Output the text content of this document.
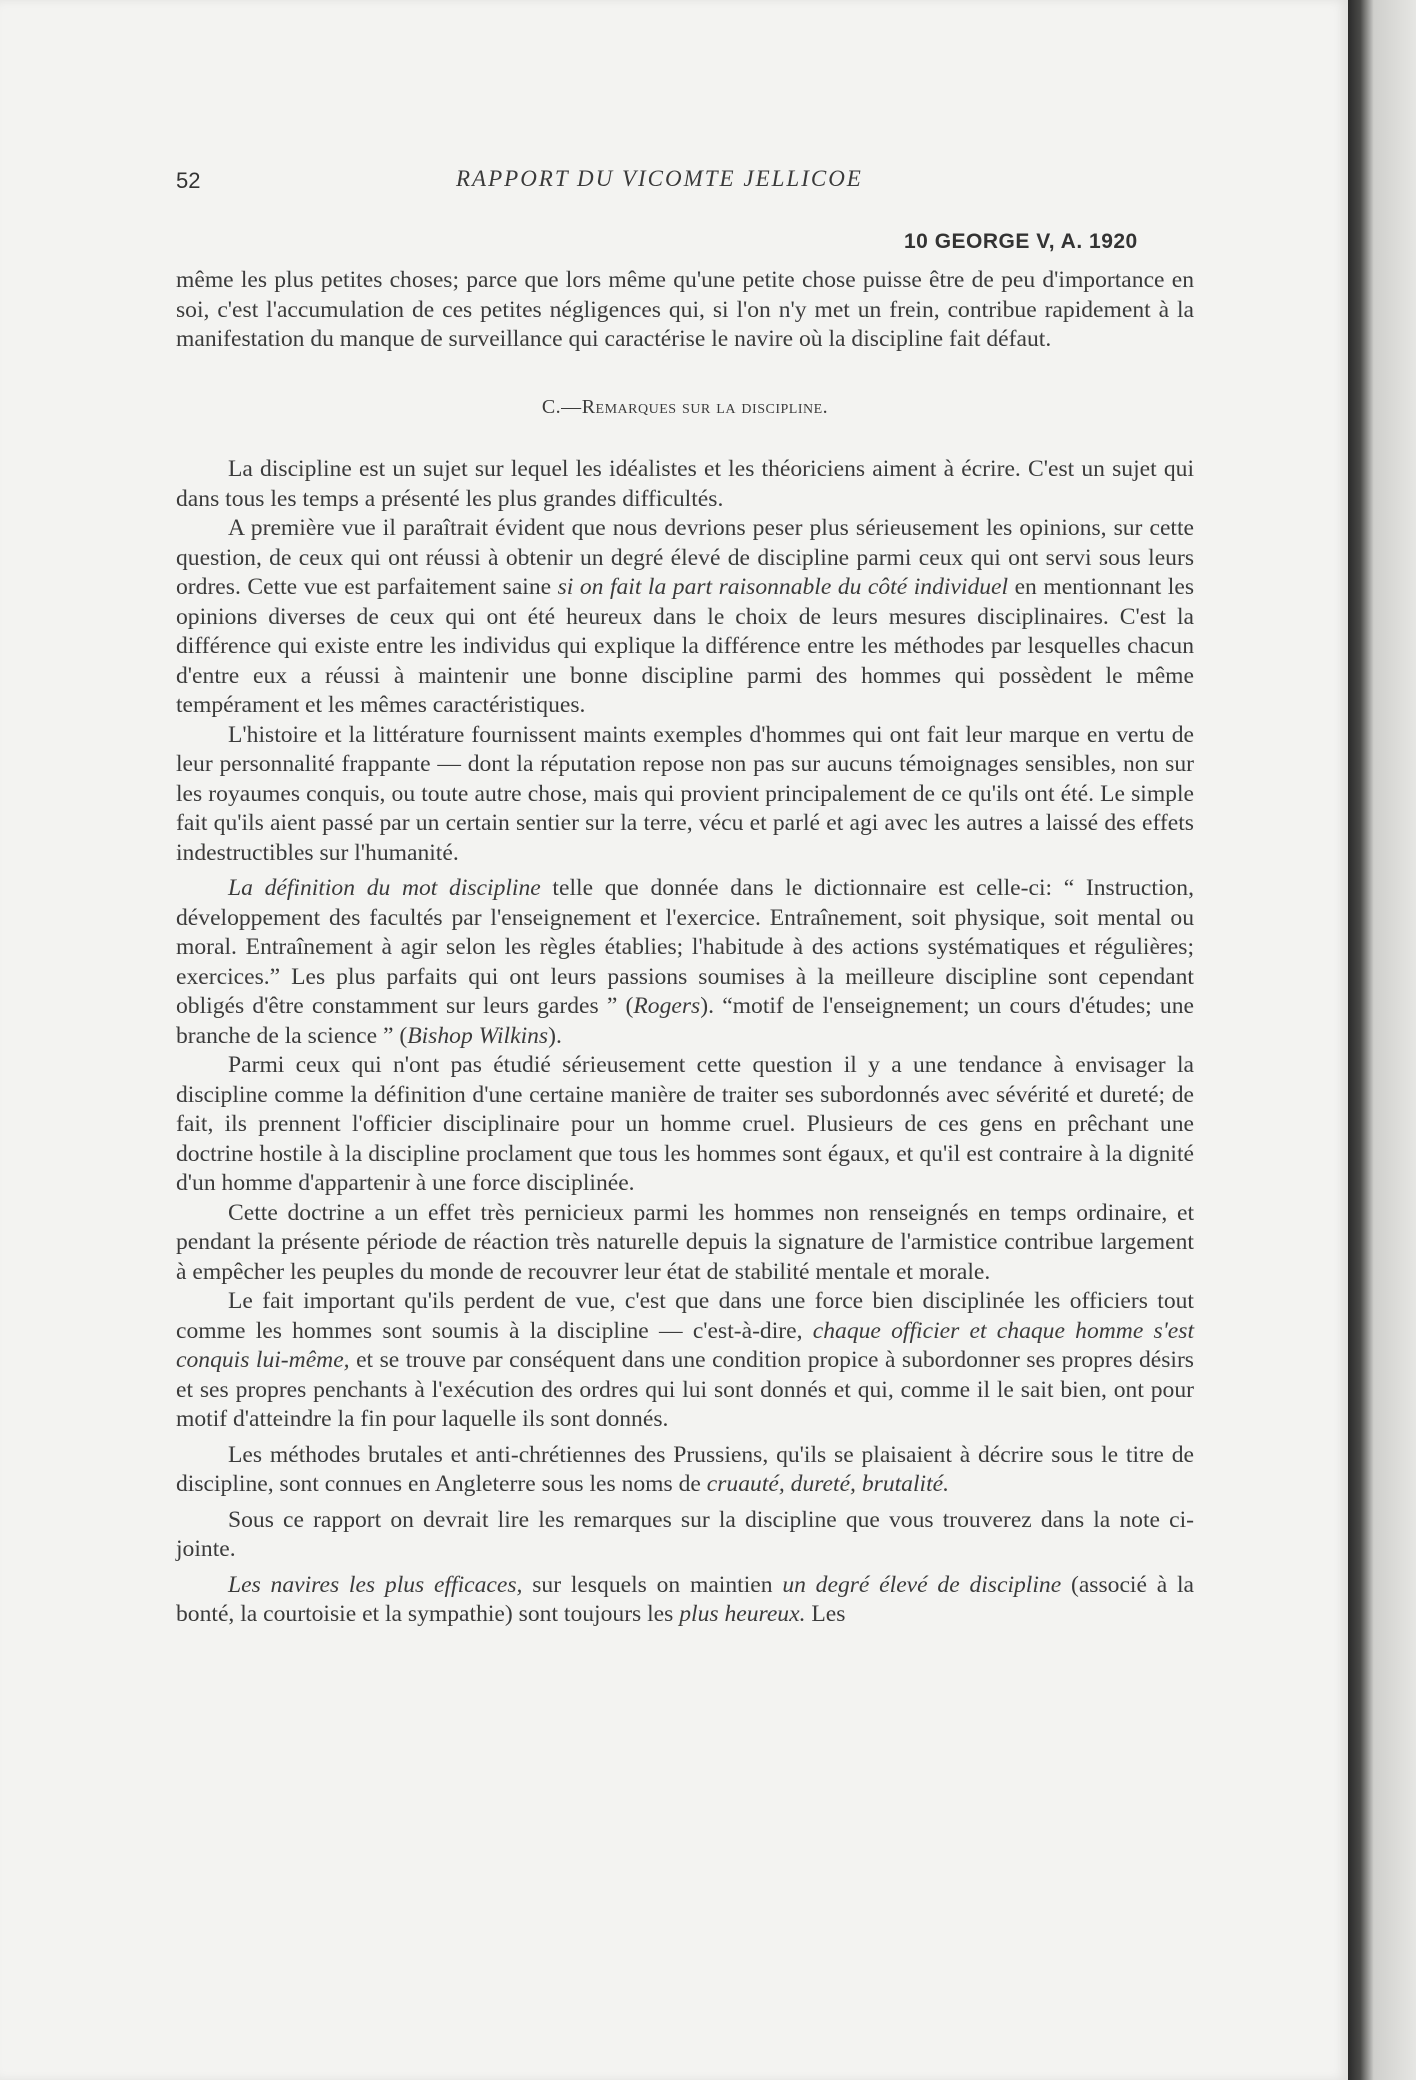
52	RAPPORT DU VICOMTE JELLICOE
10 GEORGE V, A. 1920

même les plus petites choses; parce que lors même qu'une petite chose puisse être de peu d'importance en soi, c'est l'accumulation de ces petites négligences qui, si l'on n'y met un frein, contribue rapidement à la manifestation du manque de surveillance qui caractérise le navire où la discipline fait défaut.

C.—Remarques sur la discipline.

La discipline est un sujet sur lequel les idéalistes et les théoriciens aiment à écrire. C'est un sujet qui dans tous les temps a présenté les plus grandes difficultés.

A première vue il paraîtrait évident que nous devrions peser plus sérieusement les opinions, sur cette question, de ceux qui ont réussi à obtenir un degré élevé de discipline parmi ceux qui ont servi sous leurs ordres. Cette vue est parfaitement saine si on fait la part raisonnable du côté individuel en mentionnant les opinions diverses de ceux qui ont été heureux dans le choix de leurs mesures disciplinaires. C'est la différence qui existe entre les individus qui explique la différence entre les méthodes par lesquelles chacun d'entre eux a réussi à maintenir une bonne discipline parmi des hommes qui possèdent le même tempérament et les mêmes caractéristiques.

L'histoire et la littérature fournissent maints exemples d'hommes qui ont fait leur marque en vertu de leur personnalité frappante — dont la réputation repose non pas sur aucuns témoignages sensibles, non sur les royaumes conquis, ou toute autre chose, mais qui provient principalement de ce qu'ils ont été. Le simple fait qu'ils aient passé par un certain sentier sur la terre, vécu et parlé et agi avec les autres a laissé des effets indestructibles sur l'humanité.

La définition du mot discipline telle que donnée dans le dictionnaire est celle-ci: “ Instruction, développement des facultés par l'enseignement et l'exercice. Entraînement, soit physique, soit mental ou moral. Entraînement à agir selon les règles établies; l'habitude à des actions systématiques et régulières; exercices.” Les plus parfaits qui ont leurs passions soumises à la meilleure discipline sont cependant obligés d'être constamment sur leurs gardes ” (Rogers). “motif de l'enseignement; un cours d'études; une branche de la science ” (Bishop Wilkins).

Parmi ceux qui n'ont pas étudié sérieusement cette question il y a une tendance à envisager la discipline comme la définition d'une certaine manière de traiter ses subordonnés avec sévérité et dureté; de fait, ils prennent l'officier disciplinaire pour un homme cruel. Plusieurs de ces gens en prêchant une doctrine hostile à la discipline proclament que tous les hommes sont égaux, et qu'il est contraire à la dignité d'un homme d'appartenir à une force disciplinée.

Cette doctrine a un effet très pernicieux parmi les hommes non renseignés en temps ordinaire, et pendant la présente période de réaction très naturelle depuis la signature de l'armistice contribue largement à empêcher les peuples du monde de recouvrer leur état de stabilité mentale et morale.

Le fait important qu'ils perdent de vue, c'est que dans une force bien disciplinée les officiers tout comme les hommes sont soumis à la discipline — c'est-à-dire, chaque officier et chaque homme s'est conquis lui-même, et se trouve par conséquent dans une condition propice à subordonner ses propres désirs et ses propres penchants à l'exécution des ordres qui lui sont donnés et qui, comme il le sait bien, ont pour motif d'atteindre la fin pour laquelle ils sont donnés.

Les méthodes brutales et anti-chrétiennes des Prussiens, qu'ils se plaisaient à décrire sous le titre de discipline, sont connues en Angleterre sous les noms de cruauté, dureté, brutalité.

Sous ce rapport on devrait lire les remarques sur la discipline que vous trouverez dans la note ci-jointe.

Les navires les plus efficaces, sur lesquels on maintien un degré élevé de discipline (associé à la bonté, la courtoisie et la sympathie) sont toujours les plus heureux. Les
